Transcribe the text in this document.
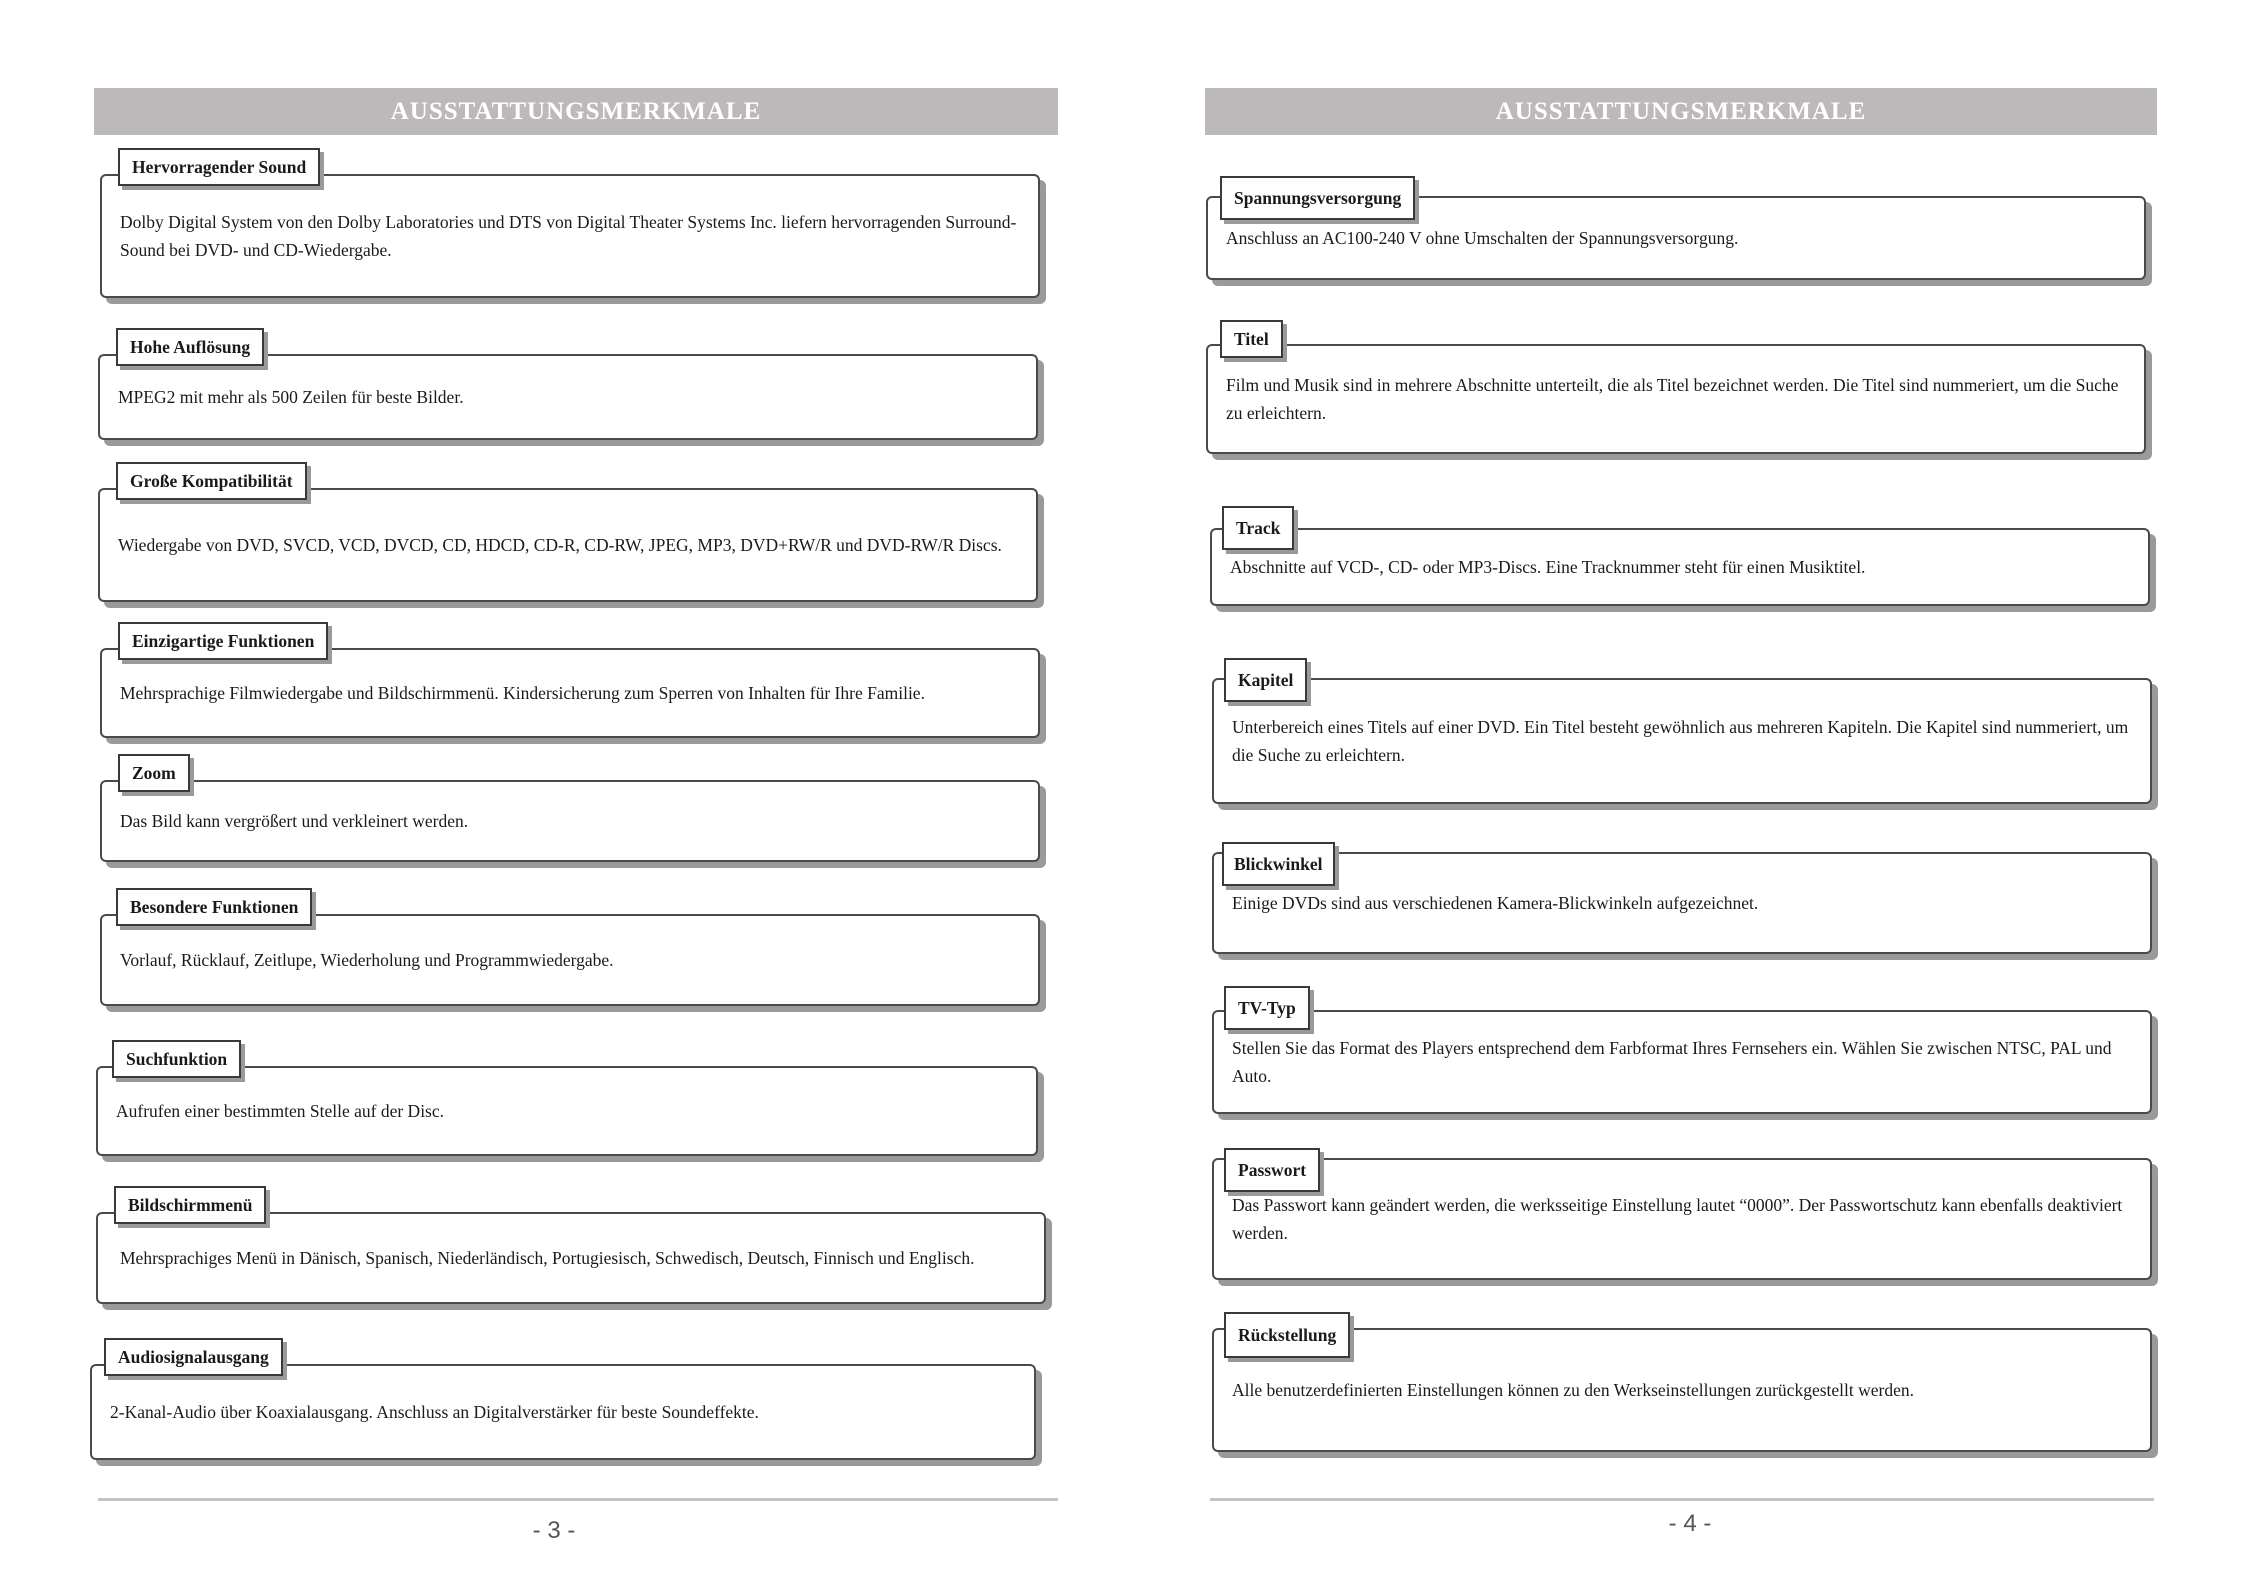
AUSSTATTUNGSMERKMALE

Dolby Digital System von den Dolby Laboratories und DTS von Digital Theater Systems Inc. liefern hervorragenden Surround-Sound bei DVD- und CD-Wiedergabe.

Hervorragender Sound

MPEG2 mit mehr als 500 Zeilen für beste Bilder.

Hohe Auflösung

Wiedergabe von DVD, SVCD, VCD, DVCD, CD, HDCD, CD-R, CD-RW, JPEG, MP3, DVD+RW/R und DVD-RW/R Discs.

Große Kompatibilität

Mehrsprachige Filmwiedergabe und Bildschirmmenü. Kindersicherung zum Sperren von Inhalten für Ihre Familie.

Einzigartige Funktionen

Das Bild kann vergrößert und verkleinert werden.

Zoom

Vorlauf, Rücklauf, Zeitlupe, Wiederholung und Programmwiedergabe.

Besondere Funktionen

Aufrufen einer bestimmten Stelle auf der Disc.

Suchfunktion

Mehrsprachiges Menü in Dänisch, Spanisch, Niederländisch, Portugiesisch, Schwedisch, Deutsch, Finnisch und Englisch.

Bildschirmmenü

2-Kanal-Audio über Koaxialausgang. Anschluss an Digitalverstärker für beste Soundeffekte.

Audiosignalausgang
- 3 -
AUSSTATTUNGSMERKMALE

Anschluss an AC100-240 V ohne Umschalten der Spannungsversorgung.

Spannungsversorgung

Film und Musik sind in mehrere Abschnitte unterteilt, die als Titel bezeichnet werden. Die Titel sind nummeriert, um die Suche zu erleichtern.

Titel

Abschnitte auf VCD-, CD- oder MP3-Discs. Eine Tracknummer steht für einen Musiktitel.

Track

Unterbereich eines Titels auf einer DVD. Ein Titel besteht gewöhnlich aus mehreren Kapiteln. Die Kapitel sind nummeriert, um die Suche zu erleichtern.

Kapitel

Einige DVDs sind aus verschiedenen Kamera-Blickwinkeln aufgezeichnet.

Blickwinkel

Stellen Sie das Format des Players entsprechend dem Farbformat Ihres Fernsehers ein. Wählen Sie zwischen NTSC, PAL und Auto.

TV-Typ

Das Passwort kann geändert werden, die werksseitige Einstellung lautet “0000”. Der Passwortschutz kann ebenfalls deaktiviert werden.

Passwort

Alle benutzerdefinierten Einstellungen können zu den Werkseinstellungen zurückgestellt werden.

Rückstellung
- 4 -
